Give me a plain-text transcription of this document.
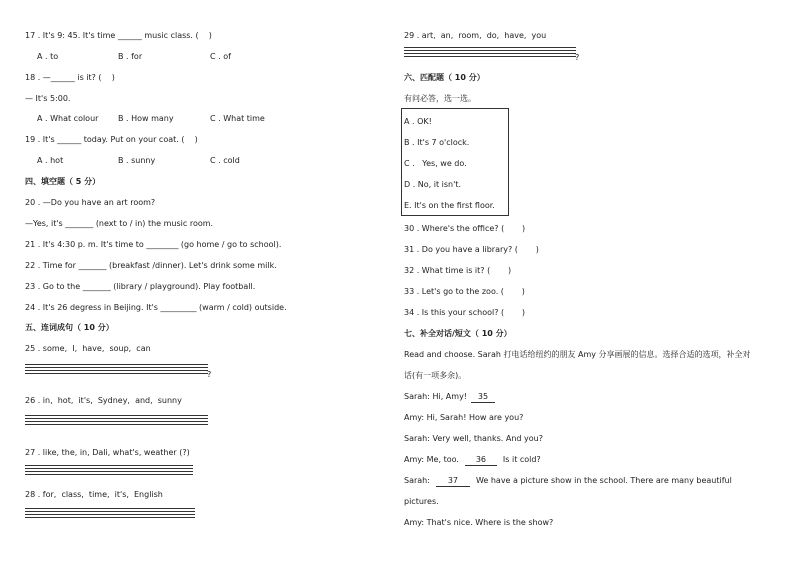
17 . It's 9: 45. It's time ______ music class. (    )
A . to	B . for	C . of
18 . —______ is it? (    )
— It's 5:00.
A . What colour B . How many	C . What time
19 . It's ______ today. Put on your coat. (    )
A . hot	B . sunny	C . cold
四、填空题（ 5 分）
20 . —Do you have an art room?
—Yes, it's _______ (next to / in) the music room.
21 . It's 4:30 p. m. It's time to ________ (go home / go to school).
22 . Time for _______ (breakfast /dinner). Let's drink some milk.
23 . Go to the _______ (library / playground). Play football.
24 . It's 26 degress in Beijing. It's _________ (warm / cold) outside.
五、连词成句（ 10 分）
25 . some,  I,  have,  soup,  can
?
26 . in,  hot,  it's,  Sydney,  and,  sunny
27 . like, the, in, Dali, what's, weather (?)
28 . for,  class,  time,  it's,  English
29 . art,  an,  room,  do,  have,  you
?
六、匹配题（ 10 分）
有问必答，选一选。
A . OK!
B . It's 7 o'clock.
C .   Yes, we do.
D . No, it isn't.
E. It's on the first floor.
30 . Where's the office? (       )
31 . Do you have a library? (       )
32 . What time is it? (       )
33 . Let's go to the zoo. (       )
34 . Is this your school? (       )
七、补全对话/短文（ 10 分）
Read and choose. Sarah 打电话给纽约的朋友 Amy 分享画展的信息。选择合适的选项，补全对
话(有一项多余)。
Sarah: Hi, Amy! 35
Amy: Hi, Sarah! How are you?
Sarah: Very well, thanks. And you?
Amy: Me, too. 36 Is it cold?
Sarah: 37 We have a picture show in the school. There are many beautiful
pictures.
Amy: That's nice. Where is the show?
